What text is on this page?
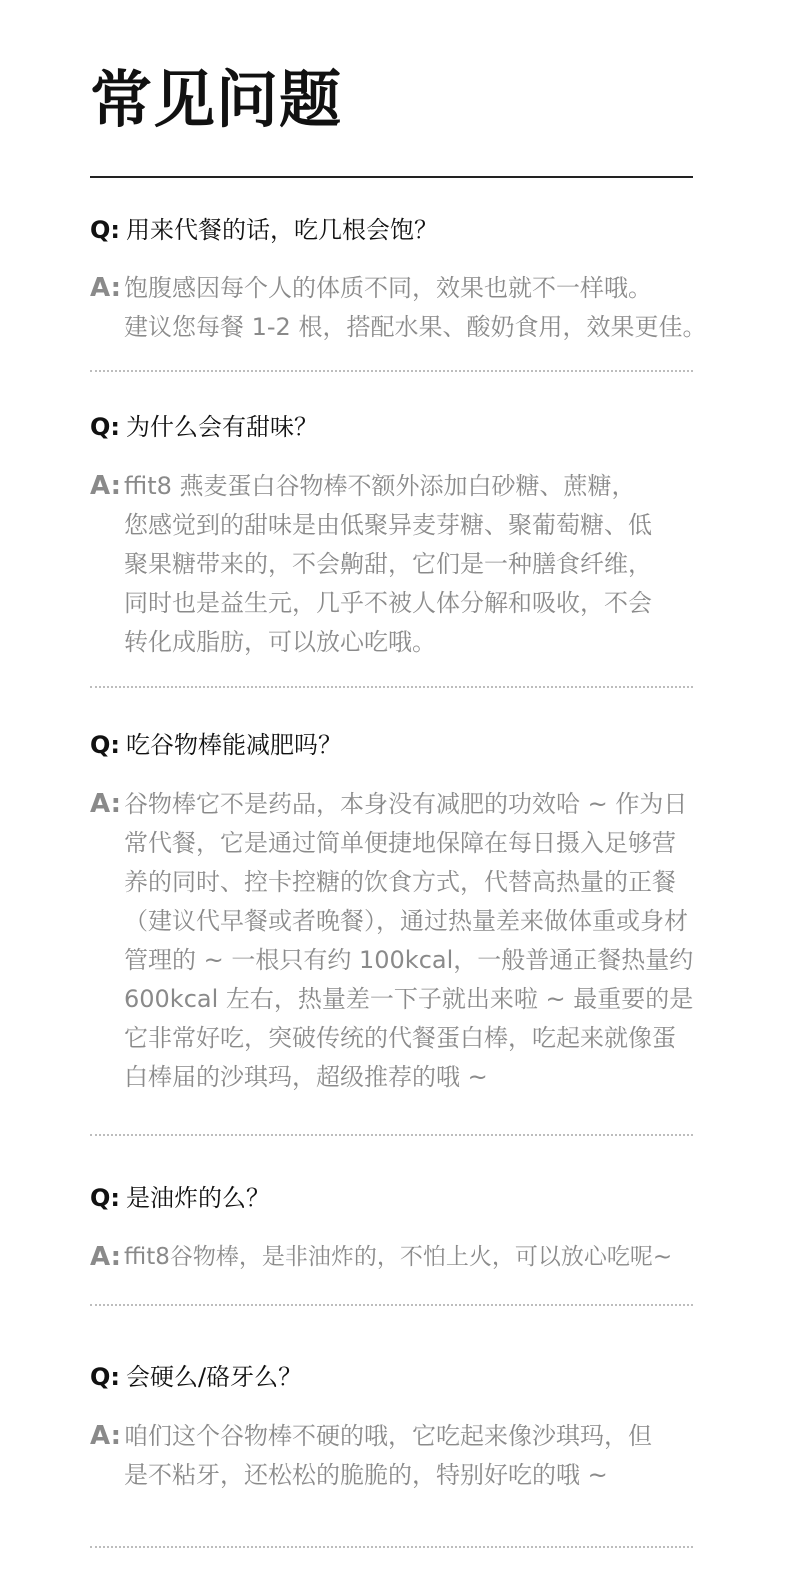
常见问题
Q: 用来代餐的话，吃几根会饱？
A: 饱腹感因每个人的体质不同，效果也就不一样哦。
建议您每餐 1-2 根，搭配水果、酸奶食用，效果更佳。
Q: 为什么会有甜味？
A: ffit8 燕麦蛋白谷物棒不额外添加白砂糖、蔗糖，
您感觉到的甜味是由低聚异麦芽糖、聚葡萄糖、低
聚果糖带来的，不会齁甜，它们是一种膳食纤维，
同时也是益生元，几乎不被人体分解和吸收，不会
转化成脂肪，可以放心吃哦。
Q: 吃谷物棒能减肥吗？
A: 谷物棒它不是药品，本身没有减肥的功效哈 ~ 作为日
常代餐，它是通过简单便捷地保障在每日摄入足够营
养的同时、控卡控糖的饮食方式，代替高热量的正餐
（建议代早餐或者晚餐），通过热量差来做体重或身材
管理的 ~ 一根只有约 100kcal，一般普通正餐热量约
600kcal 左右，热量差一下子就出来啦 ~ 最重要的是
它非常好吃，突破传统的代餐蛋白棒，吃起来就像蛋
白棒届的沙琪玛，超级推荐的哦 ~
Q: 是油炸的么？
A: ffit8谷物棒，是非油炸的，不怕上火，可以放心吃呢~
Q: 会硬么/硌牙么？
A: 咱们这个谷物棒不硬的哦，它吃起来像沙琪玛，但
是不粘牙，还松松的脆脆的，特别好吃的哦 ~
